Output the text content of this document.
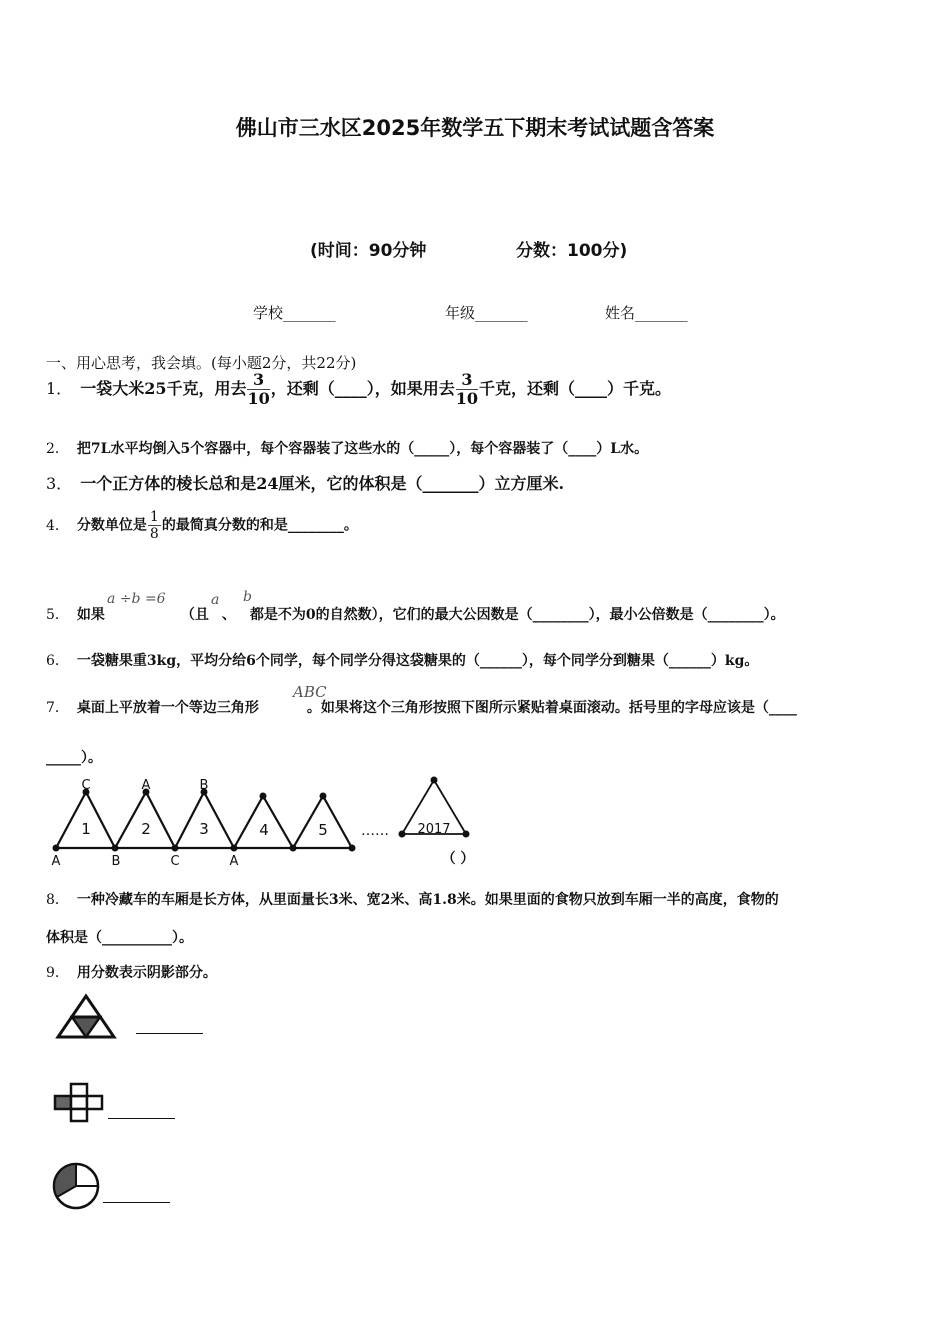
佛山市三水区2025年数学五下期末考试试题含答案
(时间：90分钟	分数：100分)
学校_______	年级_______	姓名_______
一、用心思考，我会填。(每小题2分，共22分)
1． 一袋大米25千克，用去 $\frac{3}{10}$ ，还剩（____），如果用去 $\frac{3}{10}$ 千克，还剩（____）千克。
2． 把7L水平均倒入5个容器中，每个容器装了这些水的（_____），每个容器装了（____）L水。
3． 一个正方体的棱长总和是24厘米，它的体积是（_______）立方厘米.
4． 分数单位是 $\frac{1}{8}$ 的最简真分数的和是________。
a ÷b =6	a b
5． 如果	（且 、 都是不为0的自然数），它们的最大公因数是（________），最小公倍数是（________）。
6． 一袋糖果重3kg，平均分给6个同学，每个同学分得这袋糖果的（______），每个同学分到糖果（______）kg。
ABC
7． 桌面上平放着一个等边三角形	。如果将这个三角形按照下图所示紧贴着桌面滚动。括号里的字母应该是（____
_____）。
1	2	3	4	5
C	A	B
A	B	C	A
…… 2017
（ ）
8． 一种冷藏车的车厢是长方体，从里面量长3米、宽2米、高1.8米。如果里面的食物只放到车厢一半的高度，食物的
体积是（__________）。
9． 用分数表示阴影部分。
